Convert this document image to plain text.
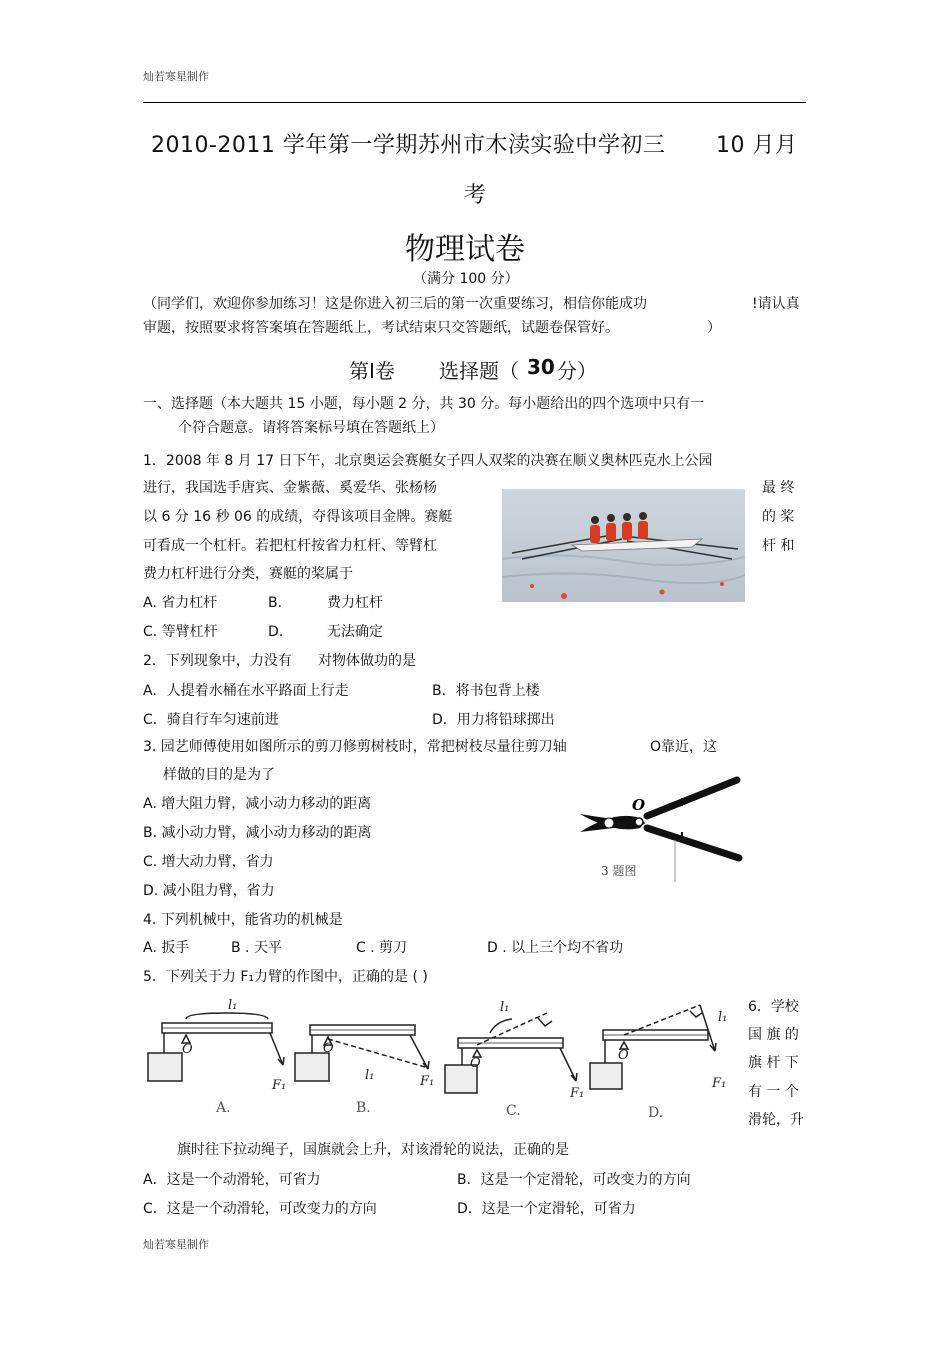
灿若寒星制作
2010-2011 学年第一学期苏州市木渎实验中学初三 10 月月
考
物理试卷
（满分 100 分）
（同学们，欢迎你参加练习！这是你进入初三后的第一次重要练习，相信你能成功	!请认真
审题，按照要求将答案填在答题纸上，考试结束只交答题纸，试题卷保管好。	）
第Ⅰ卷 选择题（ 30 分）
一、选择题（本大题共 15 小题，每小题 2 分，共 30 分。每小题给出的四个选项中只有一
个符合题意。请将答案标号填在答题纸上）
1．2008 年 8 月 17 日下午，北京奥运会赛艇女子四人双桨的决赛在顺义奥林匹克水上公园
进行，我国选手唐宾、金紫薇、奚爱华、张杨杨	最 终
以 6 分 16 秒 06 的成绩，夺得该项目金牌。赛艇	的 桨
可看成一个杠杆。若把杠杆按省力杠杆、等臂杠	杆 和
费力杠杆进行分类，赛艇的桨属于
A. 省力杠杆	B.	费力杠杆
C. 等臂杠杆	D.	无法确定
2．下列现象中，力没有 对物体做功的是
A．人提着水桶在水平路面上行走	B．将书包背上楼
C．骑自行车匀速前进	D．用力将铅球掷出
3. 园艺师傅使用如图所示的剪刀修剪树枝时，常把树枝尽量往剪刀轴	O靠近，这
样做的目的是为了
A. 增大阻力臂，减小动力移动的距离
B. 减小动力臂，减小动力移动的距离
C. 增大动力臂，省力
D. 减小阻力臂，省力
O
3 题图
4. 下列机械中，能省功的机械是
A. 扳手	B . 天平	C . 剪刀	D . 以上三个均不省功
5．下列关于力 F₁力臂的作图中，正确的是 ( )
l₁
O
F₁
O
l₁	F₁
l₁
O
F₁
O
l₁
F₁
A.	B.	C.	D.
6．学校
国 旗 的
旗 杆 下
有 一 个
滑轮，升
旗时往下拉动绳子，国旗就会上升，对该滑轮的说法，正确的是
A．这是一个动滑轮，可省力	B．这是一个定滑轮，可改变力的方向
C．这是一个动滑轮，可改变力的方向	D．这是一个定滑轮，可省力
灿若寒星制作
